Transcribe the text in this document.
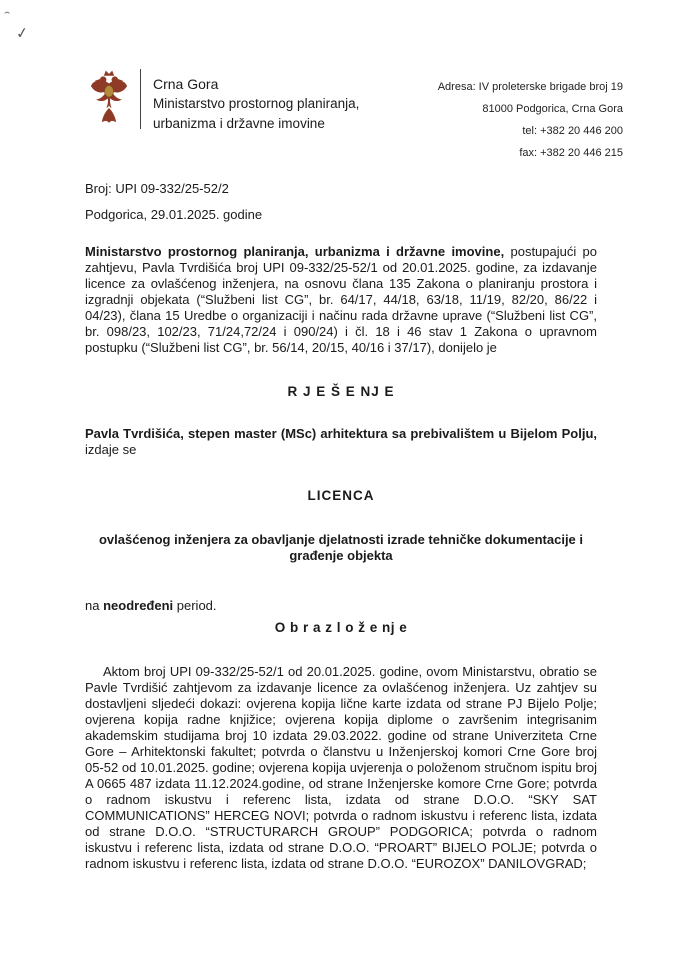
ˆ
✓
Crna Gora
Ministarstvo prostornog planiranja,
urbanizma i državne imovine
Adresa: IV proleterske brigade broj 19
81000 Podgorica, Crna Gora
tel: +382 20 446 200
fax: +382 20 446 215
Broj: UPI 09-332/25-52/2
Podgorica, 29.01.2025. godine

Ministarstvo prostornog planiranja, urbanizma i državne imovine, postupajući po zahtjevu, Pavla Tvrdišića broj UPI 09-332/25-52/1 od 20.01.2025. godine, za izdavanje licence za ovlašćenog inženjera, na osnovu člana 135 Zakona o planiranju prostora i izgradnji objekata (“Službeni list CG”, br. 64/17, 44/18, 63/18, 11/19, 82/20, 86/22 i 04/23), člana 15 Uredbe o organizaciji i načinu rada državne uprave (“Službeni list CG”, br. 098/23, 102/23, 71/24,72/24 i 090/24) i čl. 18 i 46 stav 1 Zakona o upravnom postupku (“Službeni list CG”, br. 56/14, 20/15, 40/16 i 37/17), donijelo je

R J E Š E NJ E

Pavla Tvrdišića, stepen master (MSc) arhitektura sa prebivalištem u Bijelom Polju, izdaje se

LICENCA

ovlašćenog inženjera za obavljanje djelatnosti izrade tehničke dokumentacije i građenje objekta

na neodređeni period.

O b r a z l o ž e nj e

Aktom broj UPI 09-332/25-52/1 od 20.01.2025. godine, ovom Ministarstvu, obratio se Pavle Tvrdišić zahtjevom za izdavanje licence za ovlašćenog inženjera. Uz zahtjev su dostavljeni sljedeći dokazi: ovjerena kopija lične karte izdata od strane PJ Bijelo Polje; ovjerena kopija radne knjižice; ovjerena kopija diplome o završenim integrisanim akademskim studijama broj 10 izdata 29.03.2022. godine od strane Univerziteta Crne Gore – Arhitektonski fakultet; potvrda o članstvu u Inženjerskoj komori Crne Gore broj 05-52 od 10.01.2025. godine; ovjerena kopija uvjerenja o položenom stručnom ispitu broj A 0665 487 izdata 11.12.2024.godine, od strane Inženjerske komore Crne Gore; potvrda o radnom iskustvu i referenc lista, izdata od strane D.O.O. “SKY SAT COMMUNICATIONS” HERCEG NOVI; potvrda o radnom iskustvu i referenc lista, izdata od strane D.O.O. “STRUCTURARCH GROUP” PODGORICA; potvrda o radnom iskustvu i referenc lista, izdata od strane D.O.O. “PROART” BIJELO POLJE; potvrda o radnom iskustvu i referenc lista, izdata od strane D.O.O. “EUROZOX” DANILOVGRAD;
